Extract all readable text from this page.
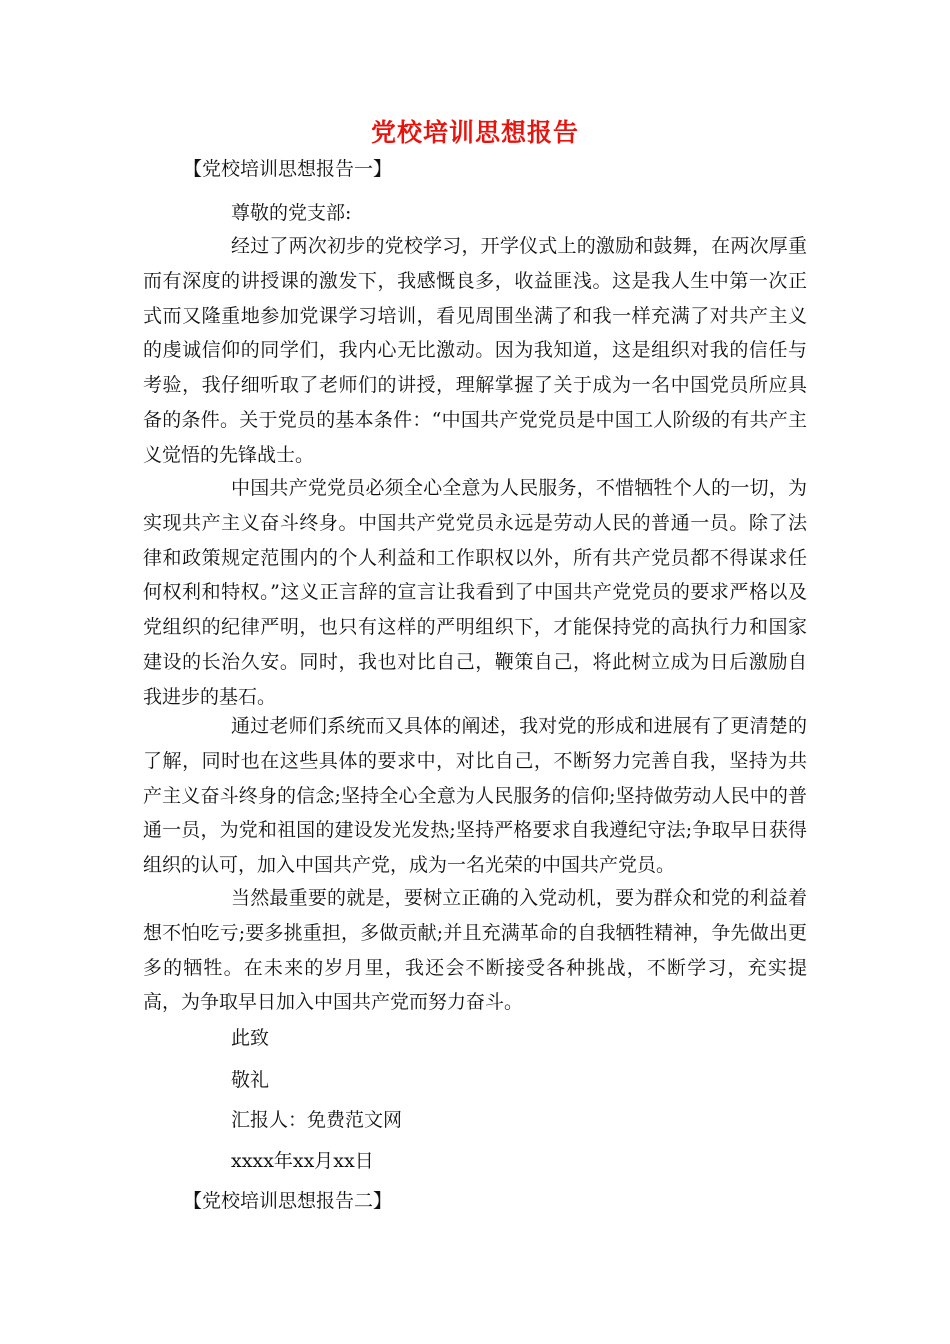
党校培训思想报告
【党校培训思想报告一】
尊敬的党支部:
经过了两次初步的党校学习，开学仪式上的激励和鼓舞，在两次厚重而有深度的讲授课的激发下，我感慨良多，收益匪浅。这是我人生中第一次正式而又隆重地参加党课学习培训，看见周围坐满了和我一样充满了对共产主义的虔诚信仰的同学们，我内心无比激动。因为我知道，这是组织对我的信任与考验，我仔细听取了老师们的讲授，理解掌握了关于成为一名中国党员所应具备的条件。关于党员的基本条件：“中国共产党党员是中国工人阶级的有共产主义觉悟的先锋战士。
中国共产党党员必须全心全意为人民服务，不惜牺牲个人的一切，为实现共产主义奋斗终身。中国共产党党员永远是劳动人民的普通一员。除了法律和政策规定范围内的个人利益和工作职权以外，所有共产党员都不得谋求任何权利和特权。”这义正言辞的宣言让我看到了中国共产党党员的要求严格以及党组织的纪律严明，也只有这样的严明组织下，才能保持党的高执行力和国家建设的长治久安。同时，我也对比自己，鞭策自己，将此树立成为日后激励自我进步的基石。
通过老师们系统而又具体的阐述，我对党的形成和进展有了更清楚的了解，同时也在这些具体的要求中，对比自己，不断努力完善自我，坚持为共产主义奋斗终身的信念;坚持全心全意为人民服务的信仰;坚持做劳动人民中的普通一员，为党和祖国的建设发光发热;坚持严格要求自我遵纪守法;争取早日获得组织的认可，加入中国共产党，成为一名光荣的中国共产党员。
当然最重要的就是，要树立正确的入党动机，要为群众和党的利益着想不怕吃亏;要多挑重担，多做贡献;并且充满革命的自我牺牲精神，争先做出更多的牺牲。在未来的岁月里，我还会不断接受各种挑战，不断学习，充实提高，为争取早日加入中国共产党而努力奋斗。
此致
敬礼
汇报人：免费范文网
xxxx年xx月xx日
【党校培训思想报告二】
